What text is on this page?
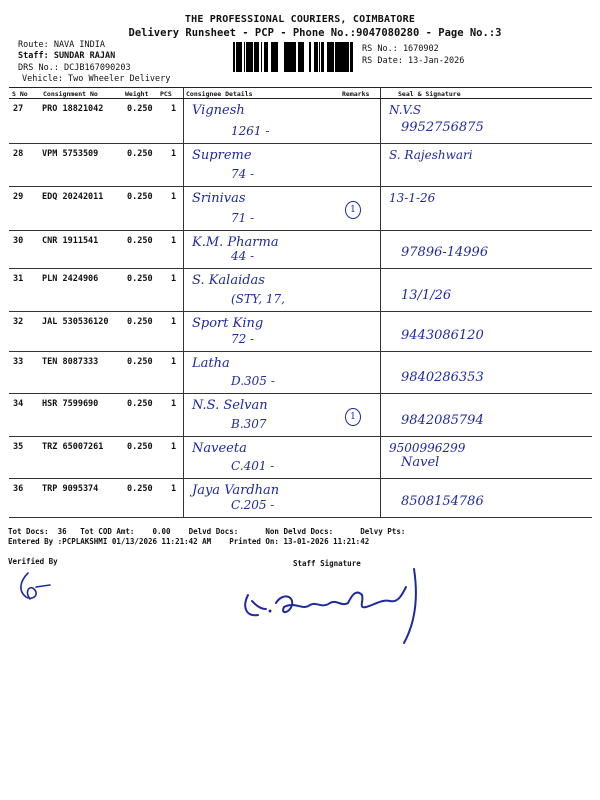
THE PROFESSIONAL COURIERS, COIMBATORE
Delivery Runsheet - PCP - Phone No.:9047080280 - Page No.:3
Route: NAVA INDIA
Staff: SUNDAR RAJAN
DRS No.: DCJB167090203
Vehicle: Two Wheeler Delivery
RS No.: 1670902
RS Date: 13-Jan-2026
S No Consignment No	Weight PCS Consignee Details	Remarks	Seal & Signature
27 PRO 18821042	0.250 1 Vignesh
1261 -
N.V.S
9952756875
28 VPM 5753509	0.250 1 Supreme
74 -
S. Rajeshwari
29 EDQ 20242011	0.250 1 Srinivas
71 -
1
13-1-26
30 CNR 1911541	0.250 1 K.M. Pharma
44 -	97896-14996
31 PLN 2424906	0.250 1 S. Kalaidas
(STY, 17,	13/1/26
32 JAL 530536120 0.250 1 Sport King
72 -	9443086120
33 TEN 8087333	0.250 1 Latha
D.305 -	9840286353
34 HSR 7599690	0.250 1 N.S. Selvan
B.307	1	9842085794
35 TRZ 65007261	0.250 1 Naveeta
C.401 -
9500996299
Navel
36 TRP 9095374	0.250 1 Jaya Vardhan
C.205 -	8508154786
Tot Docs:  36   Tot COD Amt:    0.00    Delvd Docs:      Non Delvd Docs:      Delvy Pts:
Entered By :PCPLAKSHMI 01/13/2026 11:21:42 AM    Printed On: 13-01-2026 11:21:42
Verified By	Staff Signature
